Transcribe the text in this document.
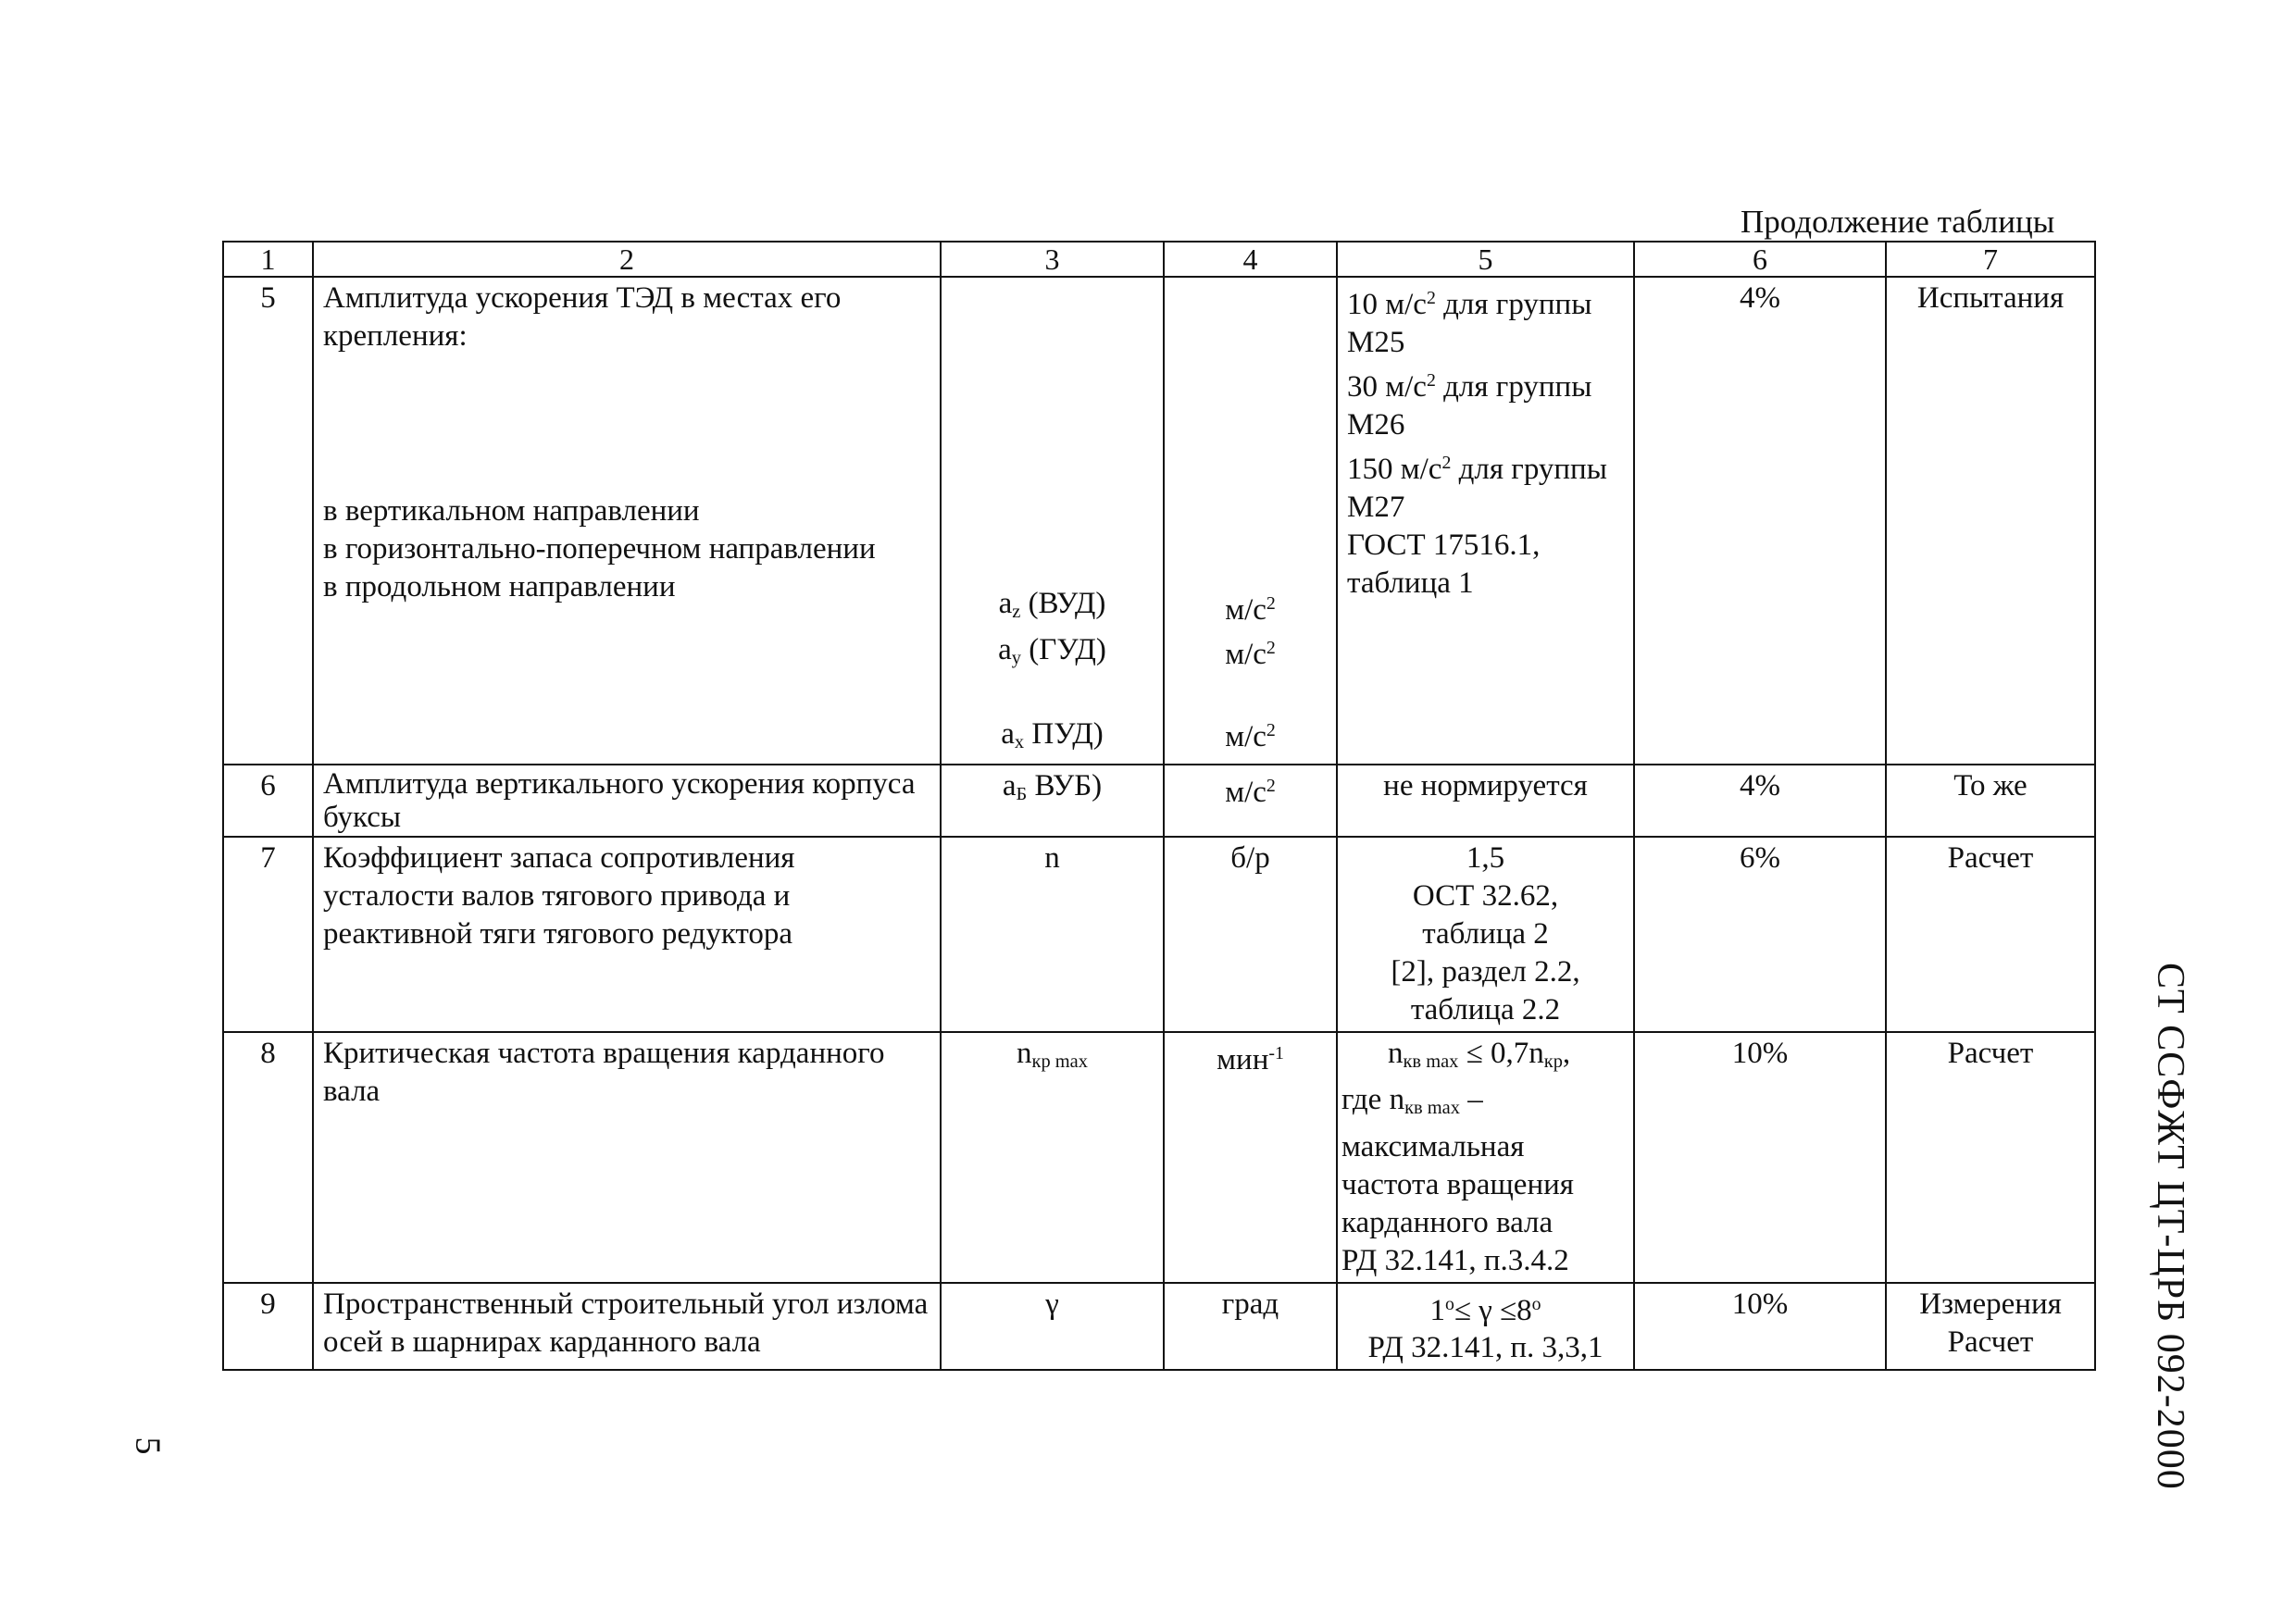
Продолжение таблицы
1	2	3	4	5	6	7
5	Амплитуда ускорения ТЭД в местах его крепления:
в вертикальном направлении
в горизонтально-поперечном направлении
в продольном направлении	$a_z$ (ВУД)
$a_y$ (ГУД)
$a_x$ ПУД)	$м/с^2$
$м/с^2$
$м/с^2$	10 $м/с^2$ для группы М25
30 $м/с^2$ для группы М26
150 $м/с^2$ для группы М27
ГОСТ 17516.1, таблица 1	4%	Испытания
6	Амплитуда вертикального ускорения корпуса буксы	$a_Б$ ВУБ)	$м/с^2$	не нормируется	4%	То же
7	Коэффициент запаса сопротивления усталости валов тягового привода и реактивной тяги тягового редуктора	n	б/р	1,5
ОСТ 32.62,
таблица 2
[2], раздел 2.2,
таблица 2.2	6%	Расчет
8	Критическая частота вращения карданного вала	$n_{кр max}$	мин$^{-1}$	$n_{кв max} \le 0,7n_{кр}$,
где $n_{кв max}$ – максимальная частота вращения карданного вала
РД 32.141, п.3.4.2	10%	Расчет
9	Пространственный строительный угол излома осей в шарнирах карданного вала	γ	град	$1^o\le \gamma \le 8^o$
РД 32.141, п. 3,3,1	10%	Измерения
Расчет	СТ ССФЖТ ЦТ-ЦРБ 092-2000
5
